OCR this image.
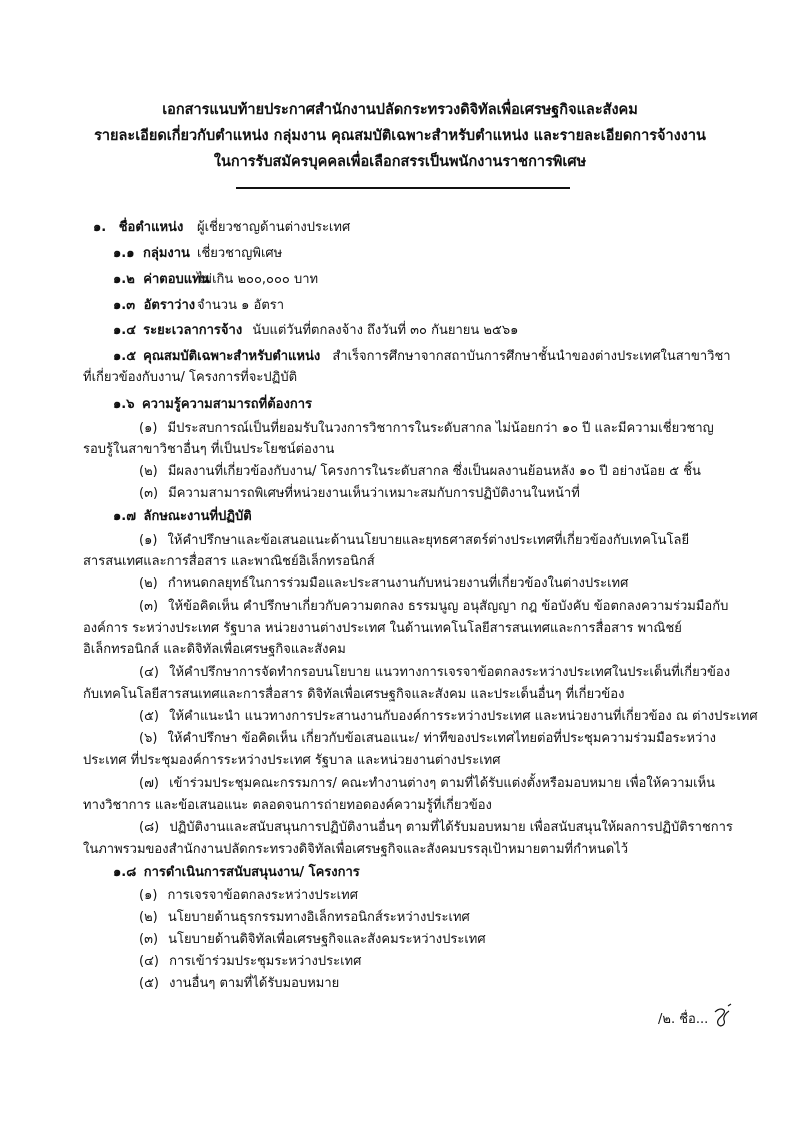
เอกสารแนบท้ายประกาศสำนักงานปลัดกระทรวงดิจิทัลเพื่อเศรษฐกิจและสังคม
รายละเอียดเกี่ยวกับตำแหน่ง กลุ่มงาน คุณสมบัติเฉพาะสำหรับตำแหน่ง และรายละเอียดการจ้างงาน
ในการรับสมัครบุคคลเพื่อเลือกสรรเป็นพนักงานราชการพิเศษ
๑. ชื่อตำแหน่ง ผู้เชี่ยวชาญด้านต่างประเทศ
๑.๑ กลุ่มงาน เชี่ยวชาญพิเศษ
๑.๒ ค่าตอบแทน
ไม่เกิน ๒๐๐,๐๐๐ บาท
๑.๓ อัตราว่าง จำนวน ๑ อัตรา
๑.๔ ระยะเวลาการจ้าง นับแต่วันที่ตกลงจ้าง ถึงวันที่ ๓๐ กันยายน ๒๕๖๑
๑.๕ คุณสมบัติเฉพาะสำหรับตำแหน่ง สำเร็จการศึกษาจากสถาบันการศึกษาชั้นนำของต่างประเทศในสาขาวิชา
ที่เกี่ยวข้องกับงาน/ โครงการที่จะปฏิบัติ
๑.๖ ความรู้ความสามารถที่ต้องการ
(๑) มีประสบการณ์เป็นที่ยอมรับในวงการวิชาการในระดับสากล ไม่น้อยกว่า ๑๐ ปี และมีความเชี่ยวชาญ
รอบรู้ในสาขาวิชาอื่นๆ ที่เป็นประโยชน์ต่องาน
(๒) มีผลงานที่เกี่ยวข้องกับงาน/ โครงการในระดับสากล ซึ่งเป็นผลงานย้อนหลัง ๑๐ ปี อย่างน้อย ๕ ชิ้น
(๓) มีความสามารถพิเศษที่หน่วยงานเห็นว่าเหมาะสมกับการปฏิบัติงานในหน้าที่
๑.๗ ลักษณะงานที่ปฏิบัติ
(๑) ให้คำปรึกษาและข้อเสนอแนะด้านนโยบายและยุทธศาสตร์ต่างประเทศที่เกี่ยวข้องกับเทคโนโลยี
สารสนเทศและการสื่อสาร และพาณิชย์อิเล็กทรอนิกส์
(๒) กำหนดกลยุทธ์ในการร่วมมือและประสานงานกับหน่วยงานที่เกี่ยวข้องในต่างประเทศ
(๓) ให้ข้อคิดเห็น คำปรึกษาเกี่ยวกับความตกลง ธรรมนูญ อนุสัญญา กฎ ข้อบังคับ ข้อตกลงความร่วมมือกับ
องค์การ ระหว่างประเทศ รัฐบาล หน่วยงานต่างประเทศ ในด้านเทคโนโลยีสารสนเทศและการสื่อสาร พาณิชย์
อิเล็กทรอนิกส์ และดิจิทัลเพื่อเศรษฐกิจและสังคม
(๔) ให้คำปรึกษาการจัดทำกรอบนโยบาย แนวทางการเจรจาข้อตกลงระหว่างประเทศในประเด็นที่เกี่ยวข้อง
กับเทคโนโลยีสารสนเทศและการสื่อสาร ดิจิทัลเพื่อเศรษฐกิจและสังคม และประเด็นอื่นๆ ที่เกี่ยวข้อง
(๕) ให้คำแนะนำ แนวทางการประสานงานกับองค์การระหว่างประเทศ และหน่วยงานที่เกี่ยวข้อง ณ ต่างประเทศ
(๖) ให้คำปรึกษา ข้อคิดเห็น เกี่ยวกับข้อเสนอแนะ/ ท่าทีของประเทศไทยต่อที่ประชุมความร่วมมือระหว่าง
ประเทศ ที่ประชุมองค์การระหว่างประเทศ รัฐบาล และหน่วยงานต่างประเทศ
(๗) เข้าร่วมประชุมคณะกรรมการ/ คณะทำงานต่างๆ ตามที่ได้รับแต่งตั้งหรือมอบหมาย เพื่อให้ความเห็น
ทางวิชาการ และข้อเสนอแนะ ตลอดจนการถ่ายทอดองค์ความรู้ที่เกี่ยวข้อง
(๘) ปฏิบัติงานและสนับสนุนการปฏิบัติงานอื่นๆ ตามที่ได้รับมอบหมาย เพื่อสนับสนุนให้ผลการปฏิบัติราชการ
ในภาพรวมของสำนักงานปลัดกระทรวงดิจิทัลเพื่อเศรษฐกิจและสังคมบรรลุเป้าหมายตามที่กำหนดไว้
๑.๘ การดำเนินการสนับสนุนงาน/ โครงการ
(๑) การเจรจาข้อตกลงระหว่างประเทศ
(๒) นโยบายด้านธุรกรรมทางอิเล็กทรอนิกส์ระหว่างประเทศ
(๓) นโยบายด้านดิจิทัลเพื่อเศรษฐกิจและสังคมระหว่างประเทศ
(๔) การเข้าร่วมประชุมระหว่างประเทศ
(๕) งานอื่นๆ ตามที่ได้รับมอบหมาย
/๒. ชื่อ...
